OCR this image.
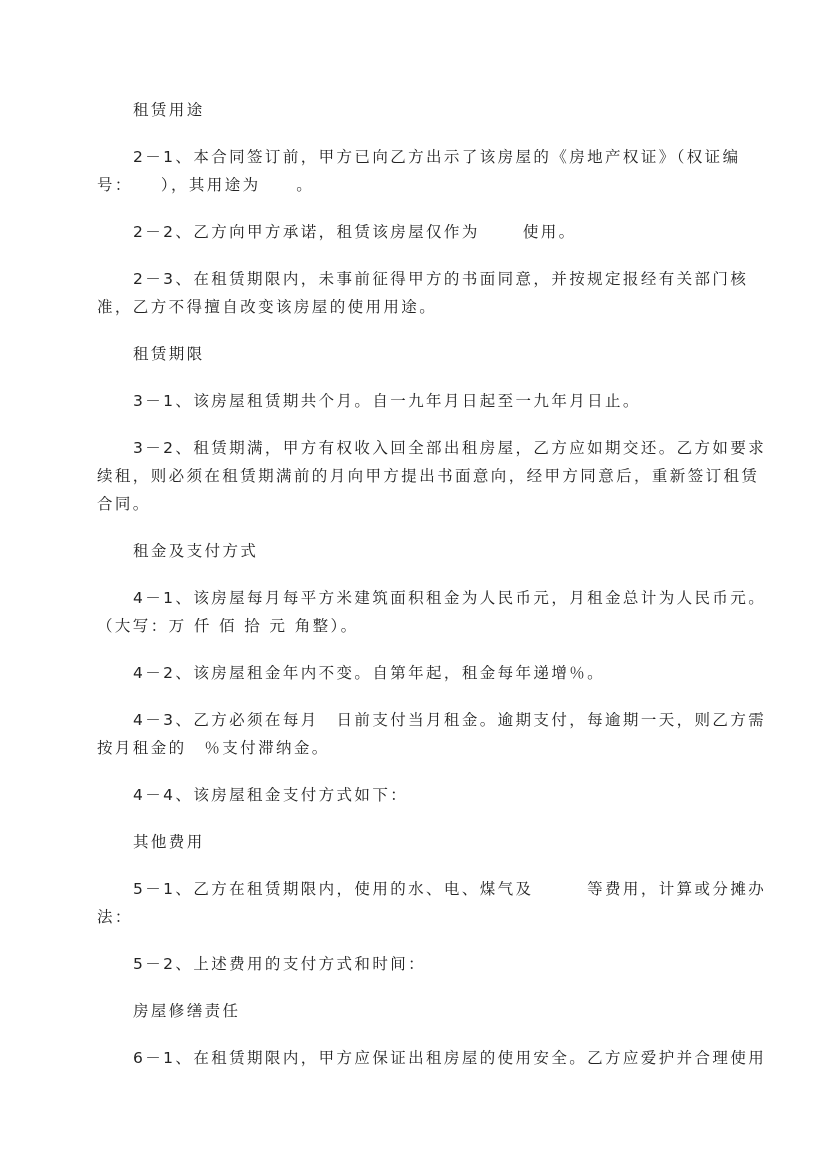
租赁用途
2－1、本合同签订前，甲方已向乙方出示了该房屋的《房地产权证》（权证编
号：　　），其用途为　　。
2－2、乙方向甲方承诺，租赁该房屋仅作为　　 使用。
2－3、在租赁期限内，未事前征得甲方的书面同意，并按规定报经有关部门核
准，乙方不得擅自改变该房屋的使用用途。
租赁期限
3－1、该房屋租赁期共个月。自一九年月日起至一九年月日止。
3－2、租赁期满，甲方有权收入回全部出租房屋，乙方应如期交还。乙方如要求
续租，则必须在租赁期满前的月向甲方提出书面意向，经甲方同意后，重新签订租赁
合同。
租金及支付方式
4－1、该房屋每月每平方米建筑面积租金为人民币元，月租金总计为人民币元。
（大写：万 仟 佰 拾 元 角整）。
4－2、该房屋租金年内不变。自第年起，租金每年递增％。
4－3、乙方必须在每月　日前支付当月租金。逾期支付，每逾期一天，则乙方需
按月租金的　％支付滞纳金。
4－4、该房屋租金支付方式如下：
其他费用
5－1、乙方在租赁期限内，使用的水、电、煤气及　　　等费用，计算或分摊办
法：
5－2、上述费用的支付方式和时间：
房屋修缮责任
6－1、在租赁期限内，甲方应保证出租房屋的使用安全。乙方应爱护并合理使用
